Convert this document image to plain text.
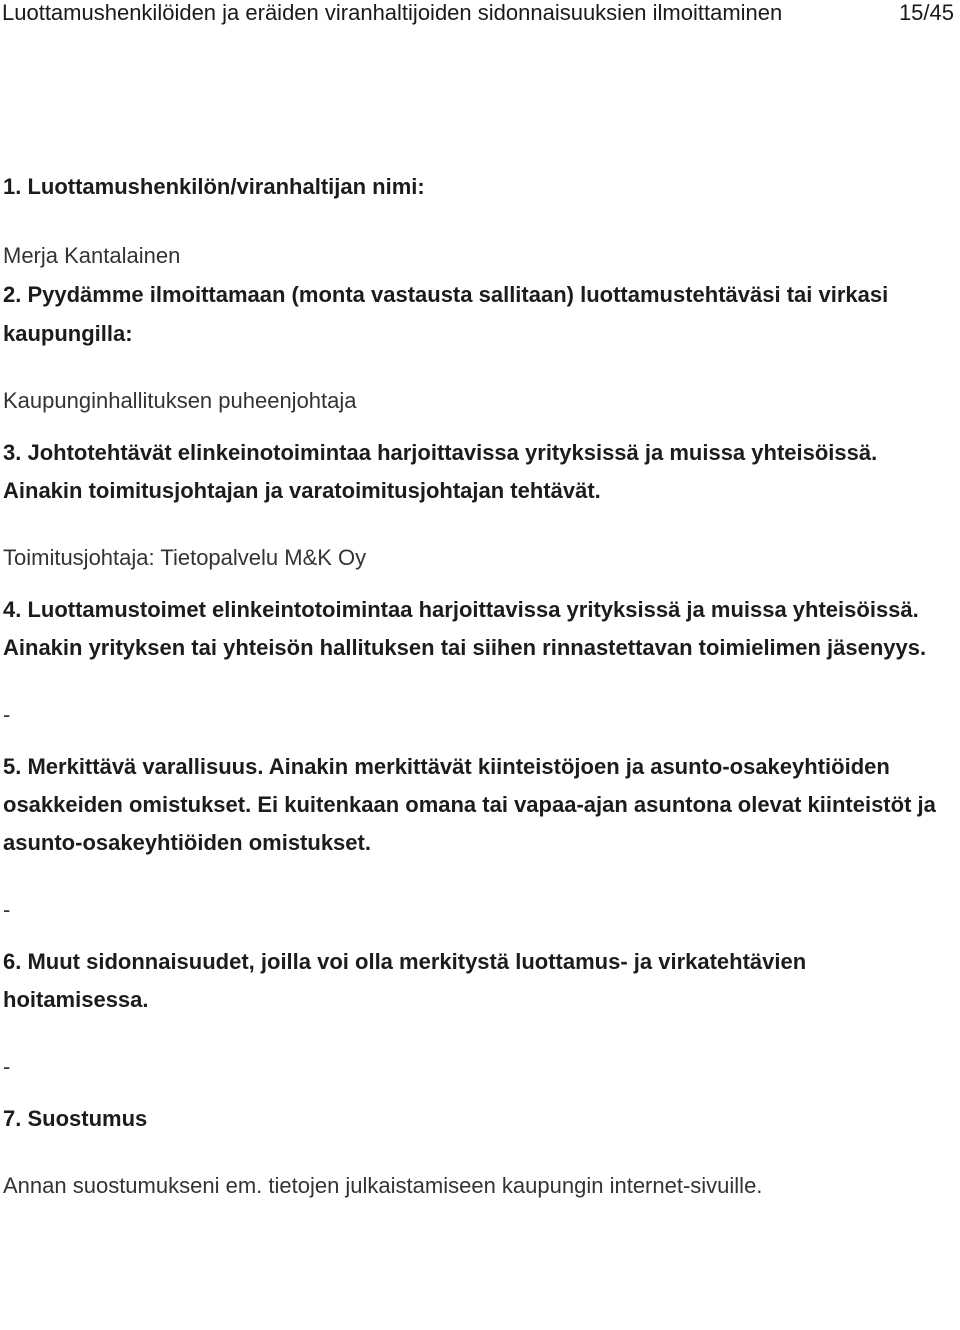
Luottamushenkilöiden ja eräiden viranhaltijoiden sidonnaisuuksien ilmoittaminen	15/45

1. Luottamushenkilön/viranhaltijan nimi:

Merja Kantalainen

2. Pyydämme ilmoittamaan (monta vastausta sallitaan) luottamustehtäväsi tai virkasi kaupungilla:

Kaupunginhallituksen puheenjohtaja

3. Johtotehtävät elinkeinotoimintaa harjoittavissa yrityksissä ja muissa yhteisöissä. Ainakin toimitusjohtajan ja varatoimitusjohtajan tehtävät.

Toimitusjohtaja: Tietopalvelu M&K Oy

4. Luottamustoimet elinkeintotoimintaa harjoittavissa yrityksissä ja muissa yhteisöissä. Ainakin yrityksen tai yhteisön hallituksen tai siihen rinnastettavan toimielimen jäsenyys.

-

5. Merkittävä varallisuus. Ainakin merkittävät kiinteistöjoen ja asunto-osakeyhtiöiden osakkeiden omistukset. Ei kuitenkaan omana tai vapaa-ajan asuntona olevat kiinteistöt ja asunto-osakeyhtiöiden omistukset.

-

6. Muut sidonnaisuudet, joilla voi olla merkitystä luottamus- ja virkatehtävien hoitamisessa.

-

7. Suostumus

Annan suostumukseni em. tietojen julkaistamiseen kaupungin internet-sivuille.
